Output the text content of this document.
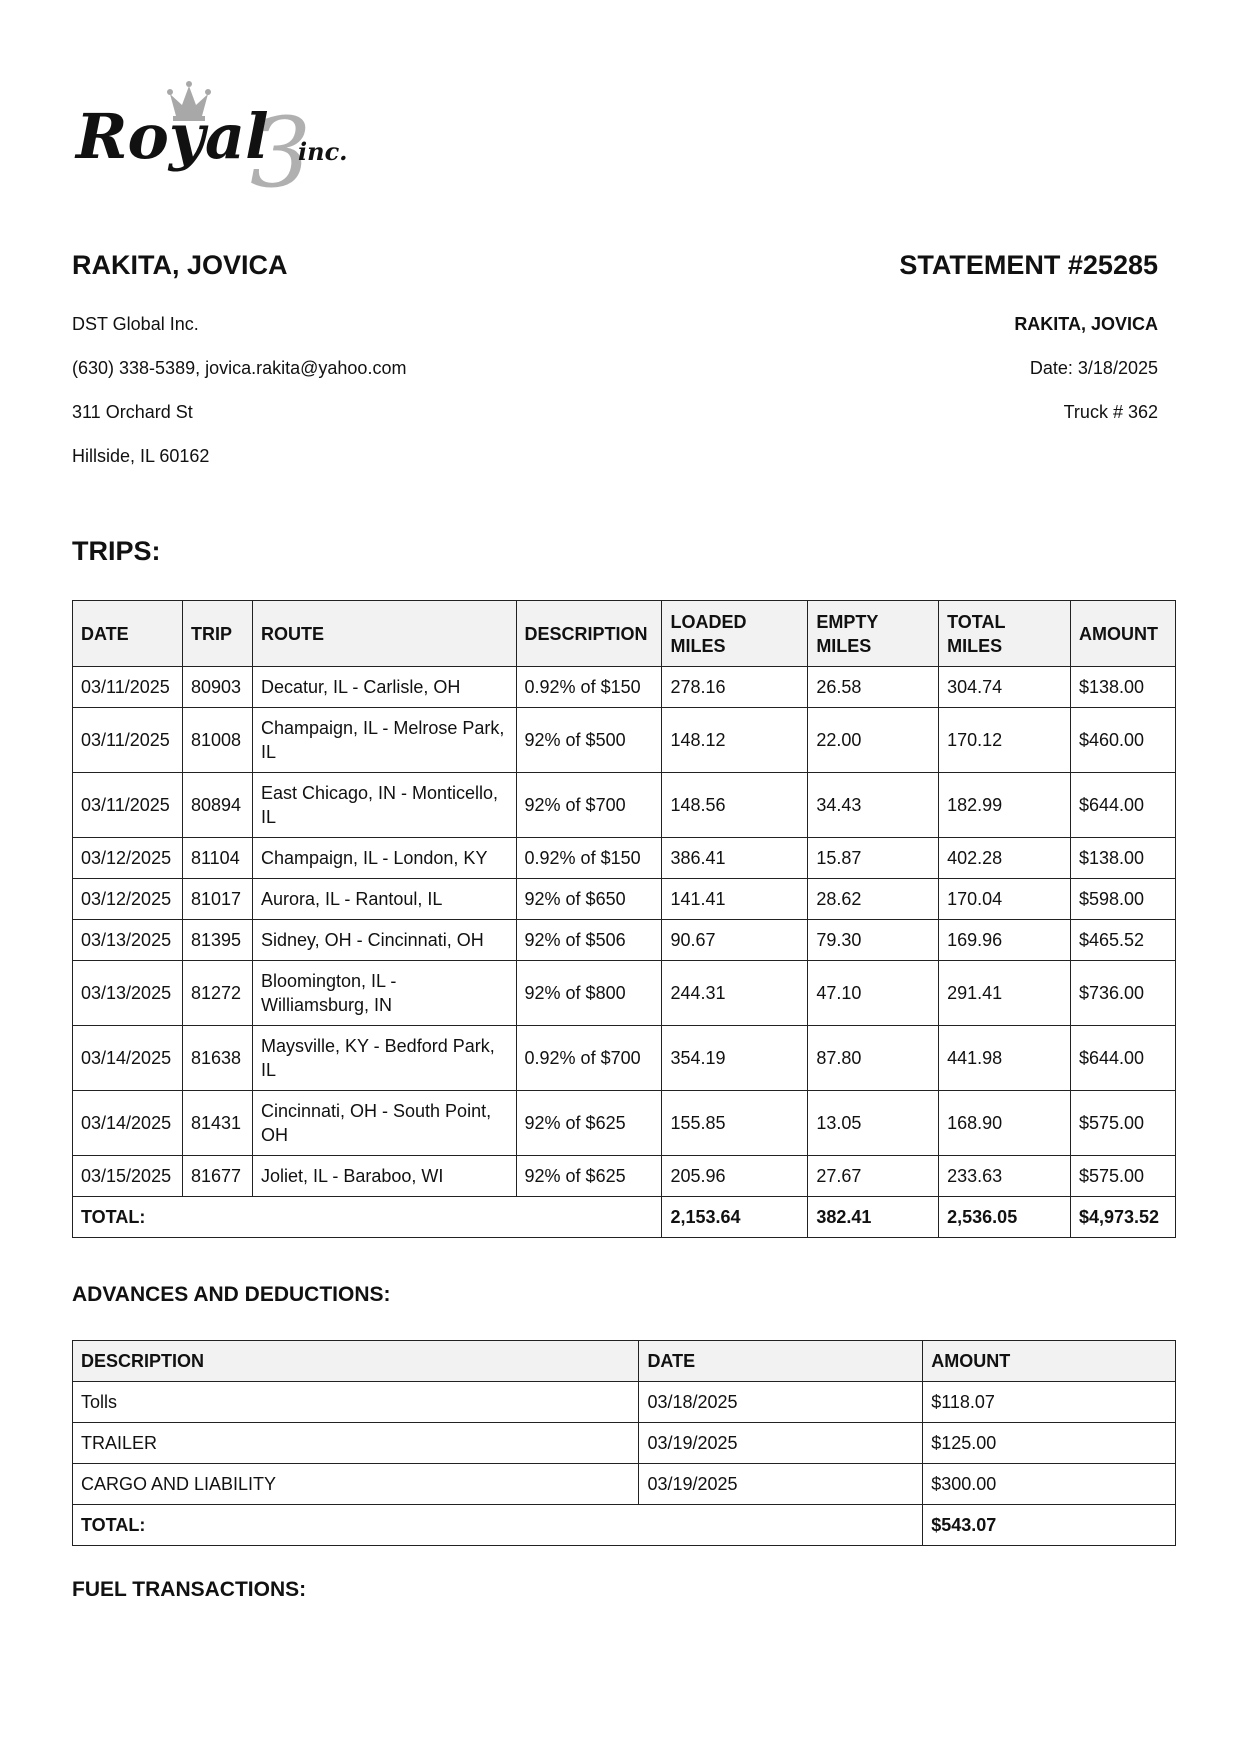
3
Royal inc.
RAKITA, JOVICA	STATEMENT #25285
DST Global Inc.
(630) 338-5389, jovica.rakita@yahoo.com
311 Orchard St
Hillside, IL 60162
RAKITA, JOVICA
Date: 3/18/2025
Truck # 362
TRIPS:
DATE	TRIP	ROUTE	DESCRIPTION	LOADED MILES	EMPTY MILES	TOTAL MILES	AMOUNT
03/11/2025	80903	Decatur, IL - Carlisle, OH	0.92% of $150	278.16	26.58	304.74	$138.00
03/11/2025	81008	Champaign, IL - Melrose Park, IL	92% of $500	148.12	22.00	170.12	$460.00
03/11/2025	80894	East Chicago, IN - Monticello, IL	92% of $700	148.56	34.43	182.99	$644.00
03/12/2025	81104	Champaign, IL - London, KY	0.92% of $150	386.41	15.87	402.28	$138.00
03/12/2025	81017	Aurora, IL - Rantoul, IL	92% of $650	141.41	28.62	170.04	$598.00
03/13/2025	81395	Sidney, OH - Cincinnati, OH	92% of $506	90.67	79.30	169.96	$465.52
03/13/2025	81272	Bloomington, IL - Williamsburg, IN	92% of $800	244.31	47.10	291.41	$736.00
03/14/2025	81638	Maysville, KY - Bedford Park, IL	0.92% of $700	354.19	87.80	441.98	$644.00
03/14/2025	81431	Cincinnati, OH - South Point, OH	92% of $625	155.85	13.05	168.90	$575.00
03/15/2025	81677	Joliet, IL - Baraboo, WI	92% of $625	205.96	27.67	233.63	$575.00
TOTAL:				2,153.64	382.41	2,536.05	$4,973.52
ADVANCES AND DEDUCTIONS:
DESCRIPTION	DATE	AMOUNT
Tolls	03/18/2025	$118.07
TRAILER	03/19/2025	$125.00
CARGO AND LIABILITY	03/19/2025	$300.00
TOTAL:		$543.07
FUEL TRANSACTIONS:
